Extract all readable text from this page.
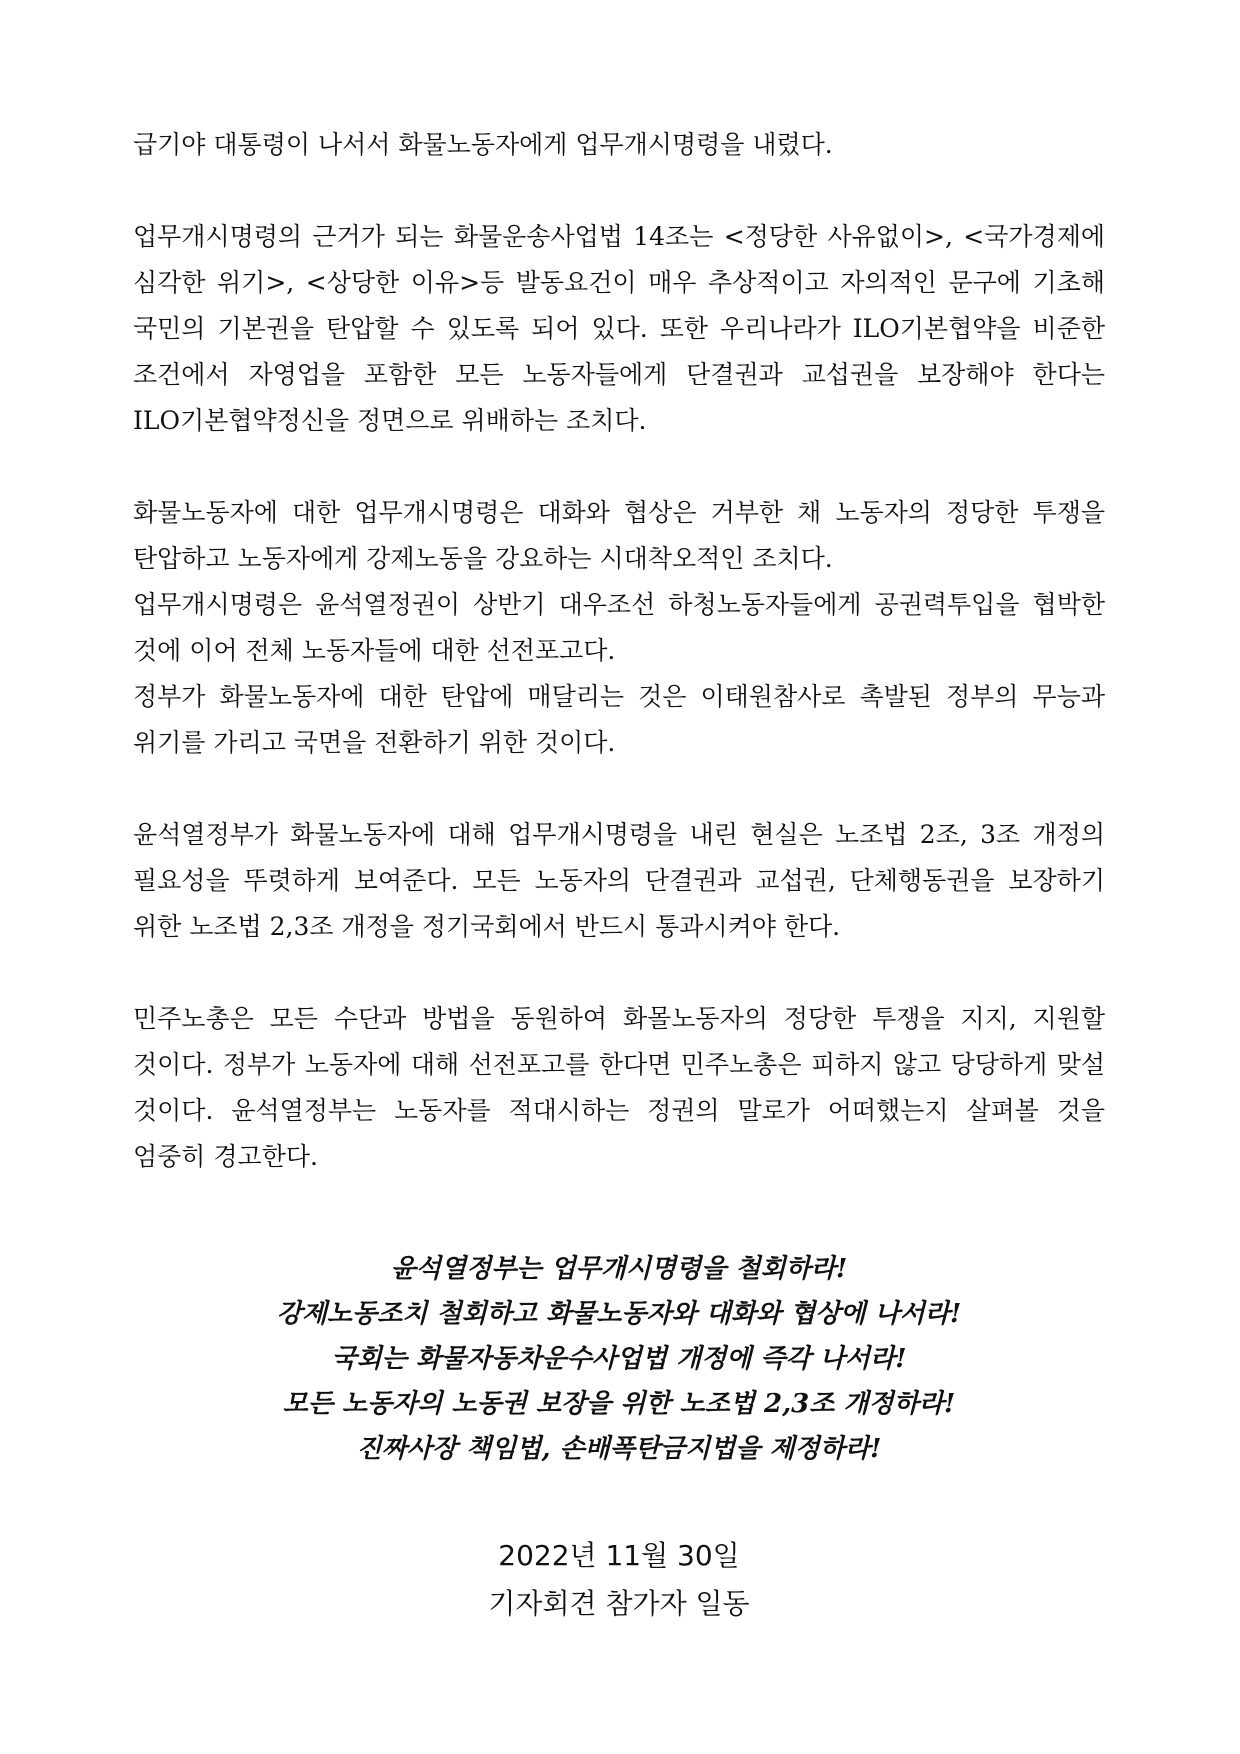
급기야 대통령이 나서서 화물노동자에게 업무개시명령을 내렸다.

업무개시명령의 근거가 되는 화물운송사업법 14조는 <정당한 사유없이>, <국가경제에 심각한 위기>, <상당한 이유>등 발동요건이 매우 추상적이고 자의적인 문구에 기초해 국민의 기본권을 탄압할 수 있도록 되어 있다. 또한 우리나라가 ILO기본협약을 비준한 조건에서 자영업을 포함한 모든 노동자들에게 단결권과 교섭권을 보장해야 한다는 ILO기본협약정신을 정면으로 위배하는 조치다.

화물노동자에 대한 업무개시명령은 대화와 협상은 거부한 채 노동자의 정당한 투쟁을 탄압하고 노동자에게 강제노동을 강요하는 시대착오적인 조치다.

업무개시명령은 윤석열정권이 상반기 대우조선 하청노동자들에게 공권력투입을 협박한 것에 이어 전체 노동자들에 대한 선전포고다.

정부가 화물노동자에 대한 탄압에 매달리는 것은 이태원참사로 촉발된 정부의 무능과 위기를 가리고 국면을 전환하기 위한 것이다.

윤석열정부가 화물노동자에 대해 업무개시명령을 내린 현실은 노조법 2조, 3조 개정의 필요성을 뚜렷하게 보여준다. 모든 노동자의 단결권과 교섭권, 단체행동권을 보장하기 위한 노조법 2,3조 개정을 정기국회에서 반드시 통과시켜야 한다.

민주노총은 모든 수단과 방법을 동원하여 화몰노동자의 정당한 투쟁을 지지, 지원할 것이다. 정부가 노동자에 대해 선전포고를 한다면 민주노총은 피하지 않고 당당하게 맞설 것이다. 윤석열정부는 노동자를 적대시하는 정권의 말로가 어떠했는지 살펴볼 것을 엄중히 경고한다.

윤석열정부는 업무개시명령을 철회하라!

강제노동조치 철회하고 화물노동자와 대화와 협상에 나서라!

국회는 화물자동차운수사업법 개정에 즉각 나서라!

모든 노동자의 노동권 보장을 위한 노조법 2,3조 개정하라!

진짜사장 책임법, 손배폭탄금지법을 제정하라!

2022년 11월 30일

기자회견 참가자 일동
